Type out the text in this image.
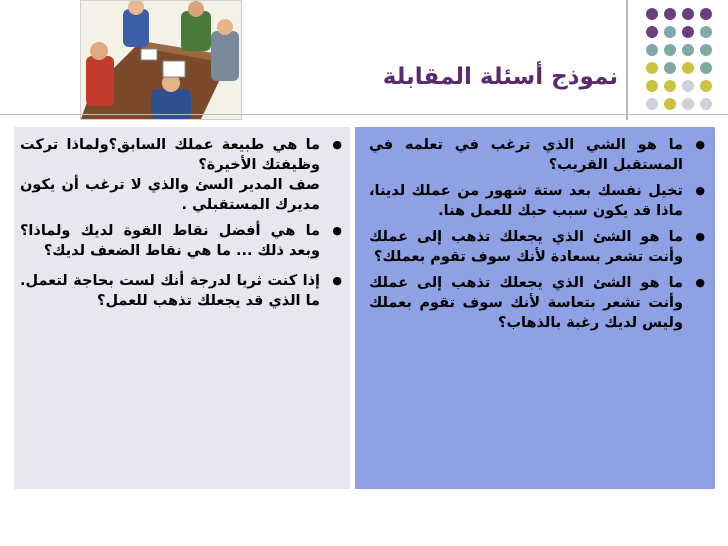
نموذج أسئلة المقابلة
● ما هي طبيعة عملك السابق؟ولماذا تركت وظيفتك الأخيرة؟
صف المدير السئ والذي لا ترغب أن يكون مديرك المستقبلي .
● ما هي أفضل نقاط القوة لديك ولماذا؟ وبعد ذلك ... ما هي نقاط الضعف لديك؟
● إذا كنت ثريا لدرجة أنك لست بحاجة لتعمل. ما الذي قد يجعلك تذهب للعمل؟
● ما هو الشي الذي ترغب في تعلمه في المستقبل القريب؟
● تخيل نفسك بعد ستة شهور من عملك لدينا، ماذا قد يكون سبب حبك للعمل هنا.
● ما هو الشئ الذي يجعلك تذهب إلى عملك وأنت تشعر بسعادة لأنك سوف تقوم بعملك؟
● ما هو الشئ الذي يجعلك تذهب إلى عملك وأنت تشعر بتعاسة لأنك سوف تقوم بعملك وليس لديك رغبة بالذهاب؟
